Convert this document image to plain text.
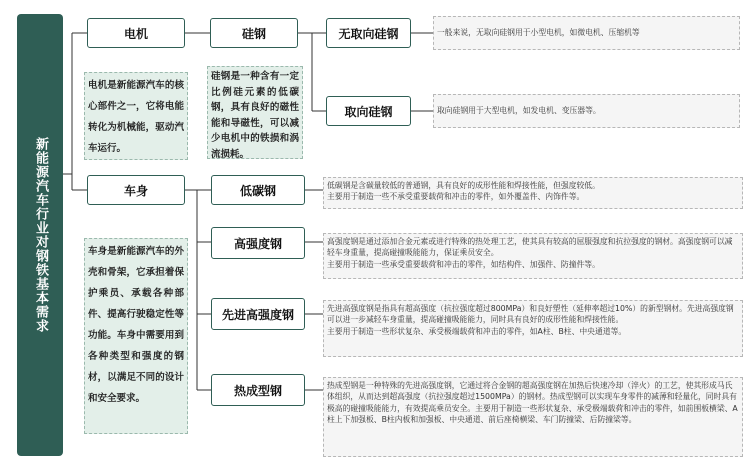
新能源汽车行业对钢铁基本需求
电机
电机是新能源汽车的核心部件之一，它将电能转化为机械能，驱动汽车运行。
硅钢
硅钢是一种含有一定比例硅元素的低碳钢，具有良好的磁性能和导磁性，可以减少电机中的铁损和涡流损耗。
无取向硅钢	一般来说，无取向硅钢用于小型电机，如微电机、压缩机等
取向硅钢	取向硅钢用于大型电机，如发电机、变压器等。
车身
车身是新能源汽车的外壳和骨架，它承担着保护乘员、承载各种部件、提高行驶稳定性等功能。车身中需要用到各种类型和强度的钢材，以满足不同的设计和安全要求。
低碳钢	低碳钢是含碳量较低的普通钢，具有良好的成形性能和焊接性能，但强度较低。

主要用于制造一些不承受重要载荷和冲击的零件，如外覆盖件、内饰件等。

高强度钢	高强度钢是通过添加合金元素或进行特殊的热处理工艺，使其具有较高的屈服强度和抗拉强度的钢材。高强度钢可以减轻车身重量，提高碰撞吸能能力，保证乘员安全。

主要用于制造一些承受重要载荷和冲击的零件，如结构件、加强件、防撞件等。

先进高强度钢	先进高强度钢是指具有超高强度（抗拉强度超过800MPa）和良好塑性（延伸率超过10%）的新型钢材。先进高强度钢可以进一步减轻车身重量，提高碰撞吸能能力，同时具有良好的成形性能和焊接性能。

主要用于制造一些形状复杂、承受极端载荷和冲击的零件，如A柱、B柱、中央通道等。

热成型钢	热成型钢是一种特殊的先进高强度钢，它通过将合金钢的超高强度钢在加热后快速冷却（淬火）的工艺，使其形成马氏体组织，从而达到超高强度（抗拉强度超过1500MPa）的钢材。热成型钢可以实现车身零件的减薄和轻量化，同时具有极高的碰撞吸能能力，有效提高乘员安全。主要用于制造一些形状复杂、承受极端载荷和冲击的零件，如前围板横梁、A柱上下加强板、B柱内板和加强板、中央通道、前后座椅横梁、车门防撞梁、后防撞梁等。
